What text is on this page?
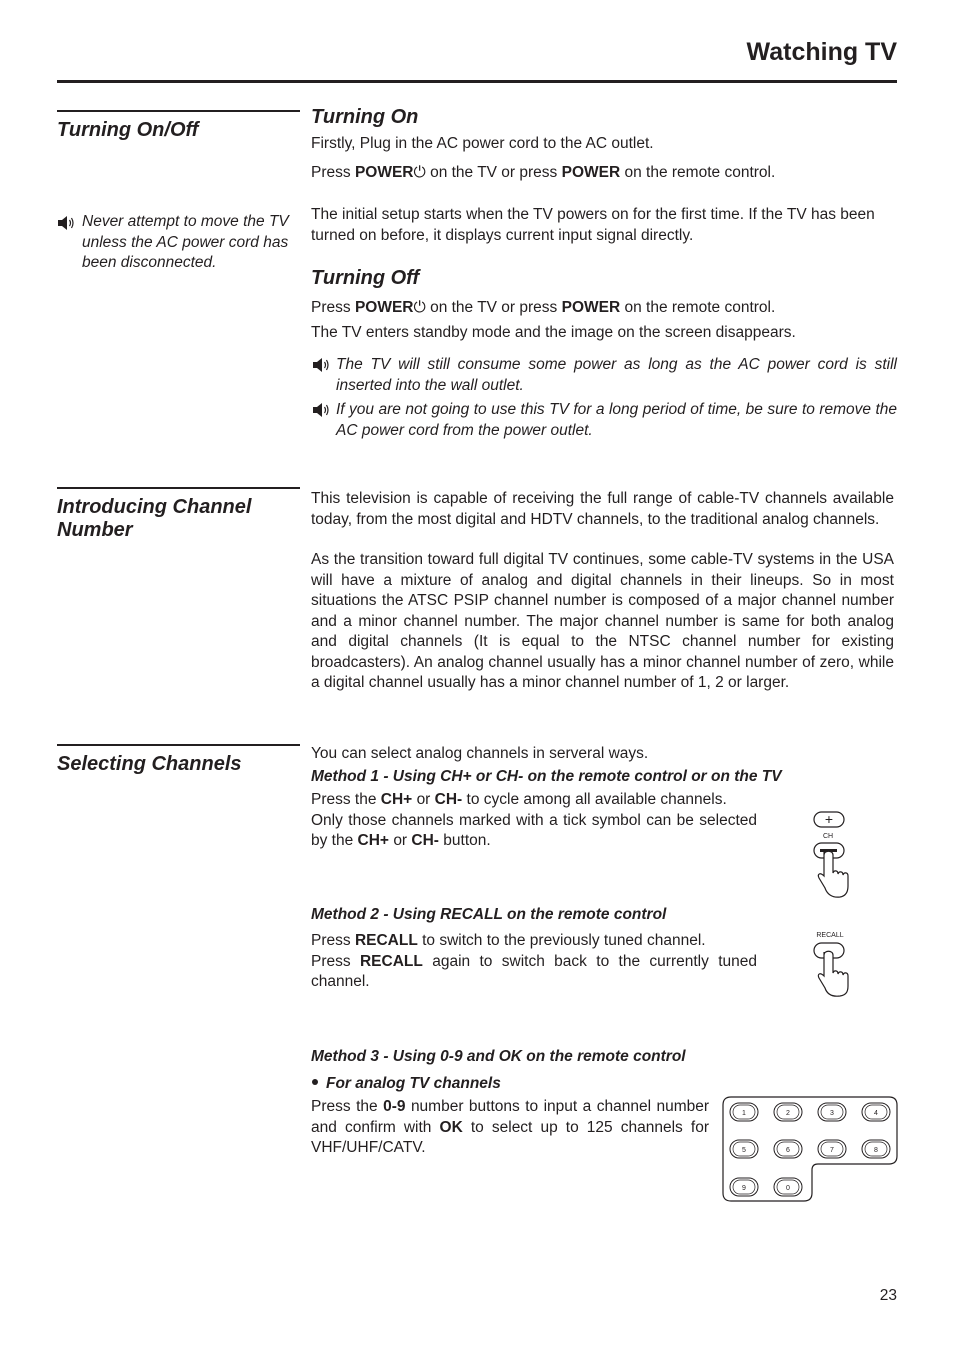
Watching TV
Turning On/Off
Never attempt to move the TV unless the AC power cord has been disconnected.
Turning On
Firstly, Plug in the AC power cord to the AC outlet.
Press POWER⏻ on the TV or press POWER on the remote control.
The initial setup starts when the TV powers on for the first time. If the TV has been turned on before, it displays current input signal directly.
Turning Off
Press POWER⏻ on the TV or press POWER on the remote control.
The TV enters standby mode and the image on the screen disappears.
The TV will still consume some power as long as the AC power cord is still inserted into the wall outlet.
If you are not going to use this TV for a long period of time, be sure to remove the AC power cord from the power outlet.
Introducing Channel Number
This television is capable of receiving the full range of cable-TV channels available today, from the most digital and HDTV channels, to the traditional analog channels.
As the transition toward full digital TV continues, some cable-TV systems in the USA will have a mixture of analog and digital channels in their lineups. So in most situations the ATSC PSIP channel number is composed of a major channel number and a minor channel number. The major channel number is same for both analog and digital channels (It is equal to the NTSC channel number for existing broadcasters). An analog channel usually has a minor channel number of zero, while a digital channel usually has a minor channel number of 1, 2 or larger.
Selecting Channels	You can select analog channels in serveral ways.
Method 1 - Using CH+ or CH- on the remote control or on the TV
Press the CH+ or CH- to cycle among all available channels.
Only those channels marked with a tick symbol can be selected by the CH+ or CH- button.
+
CH
Method 2 - Using RECALL on the remote control
Press RECALL to switch to the previously tuned channel.
Press RECALL again to switch back to the currently tuned channel.
RECALL
Method 3 - Using 0-9 and OK on the remote control
For analog TV channels
Press the 0-9 number buttons to input a channel number and confirm with OK to select up to 125 channels for VHF/UHF/CATV.
1	2	3	4
5	6	7	8
9	0
23
